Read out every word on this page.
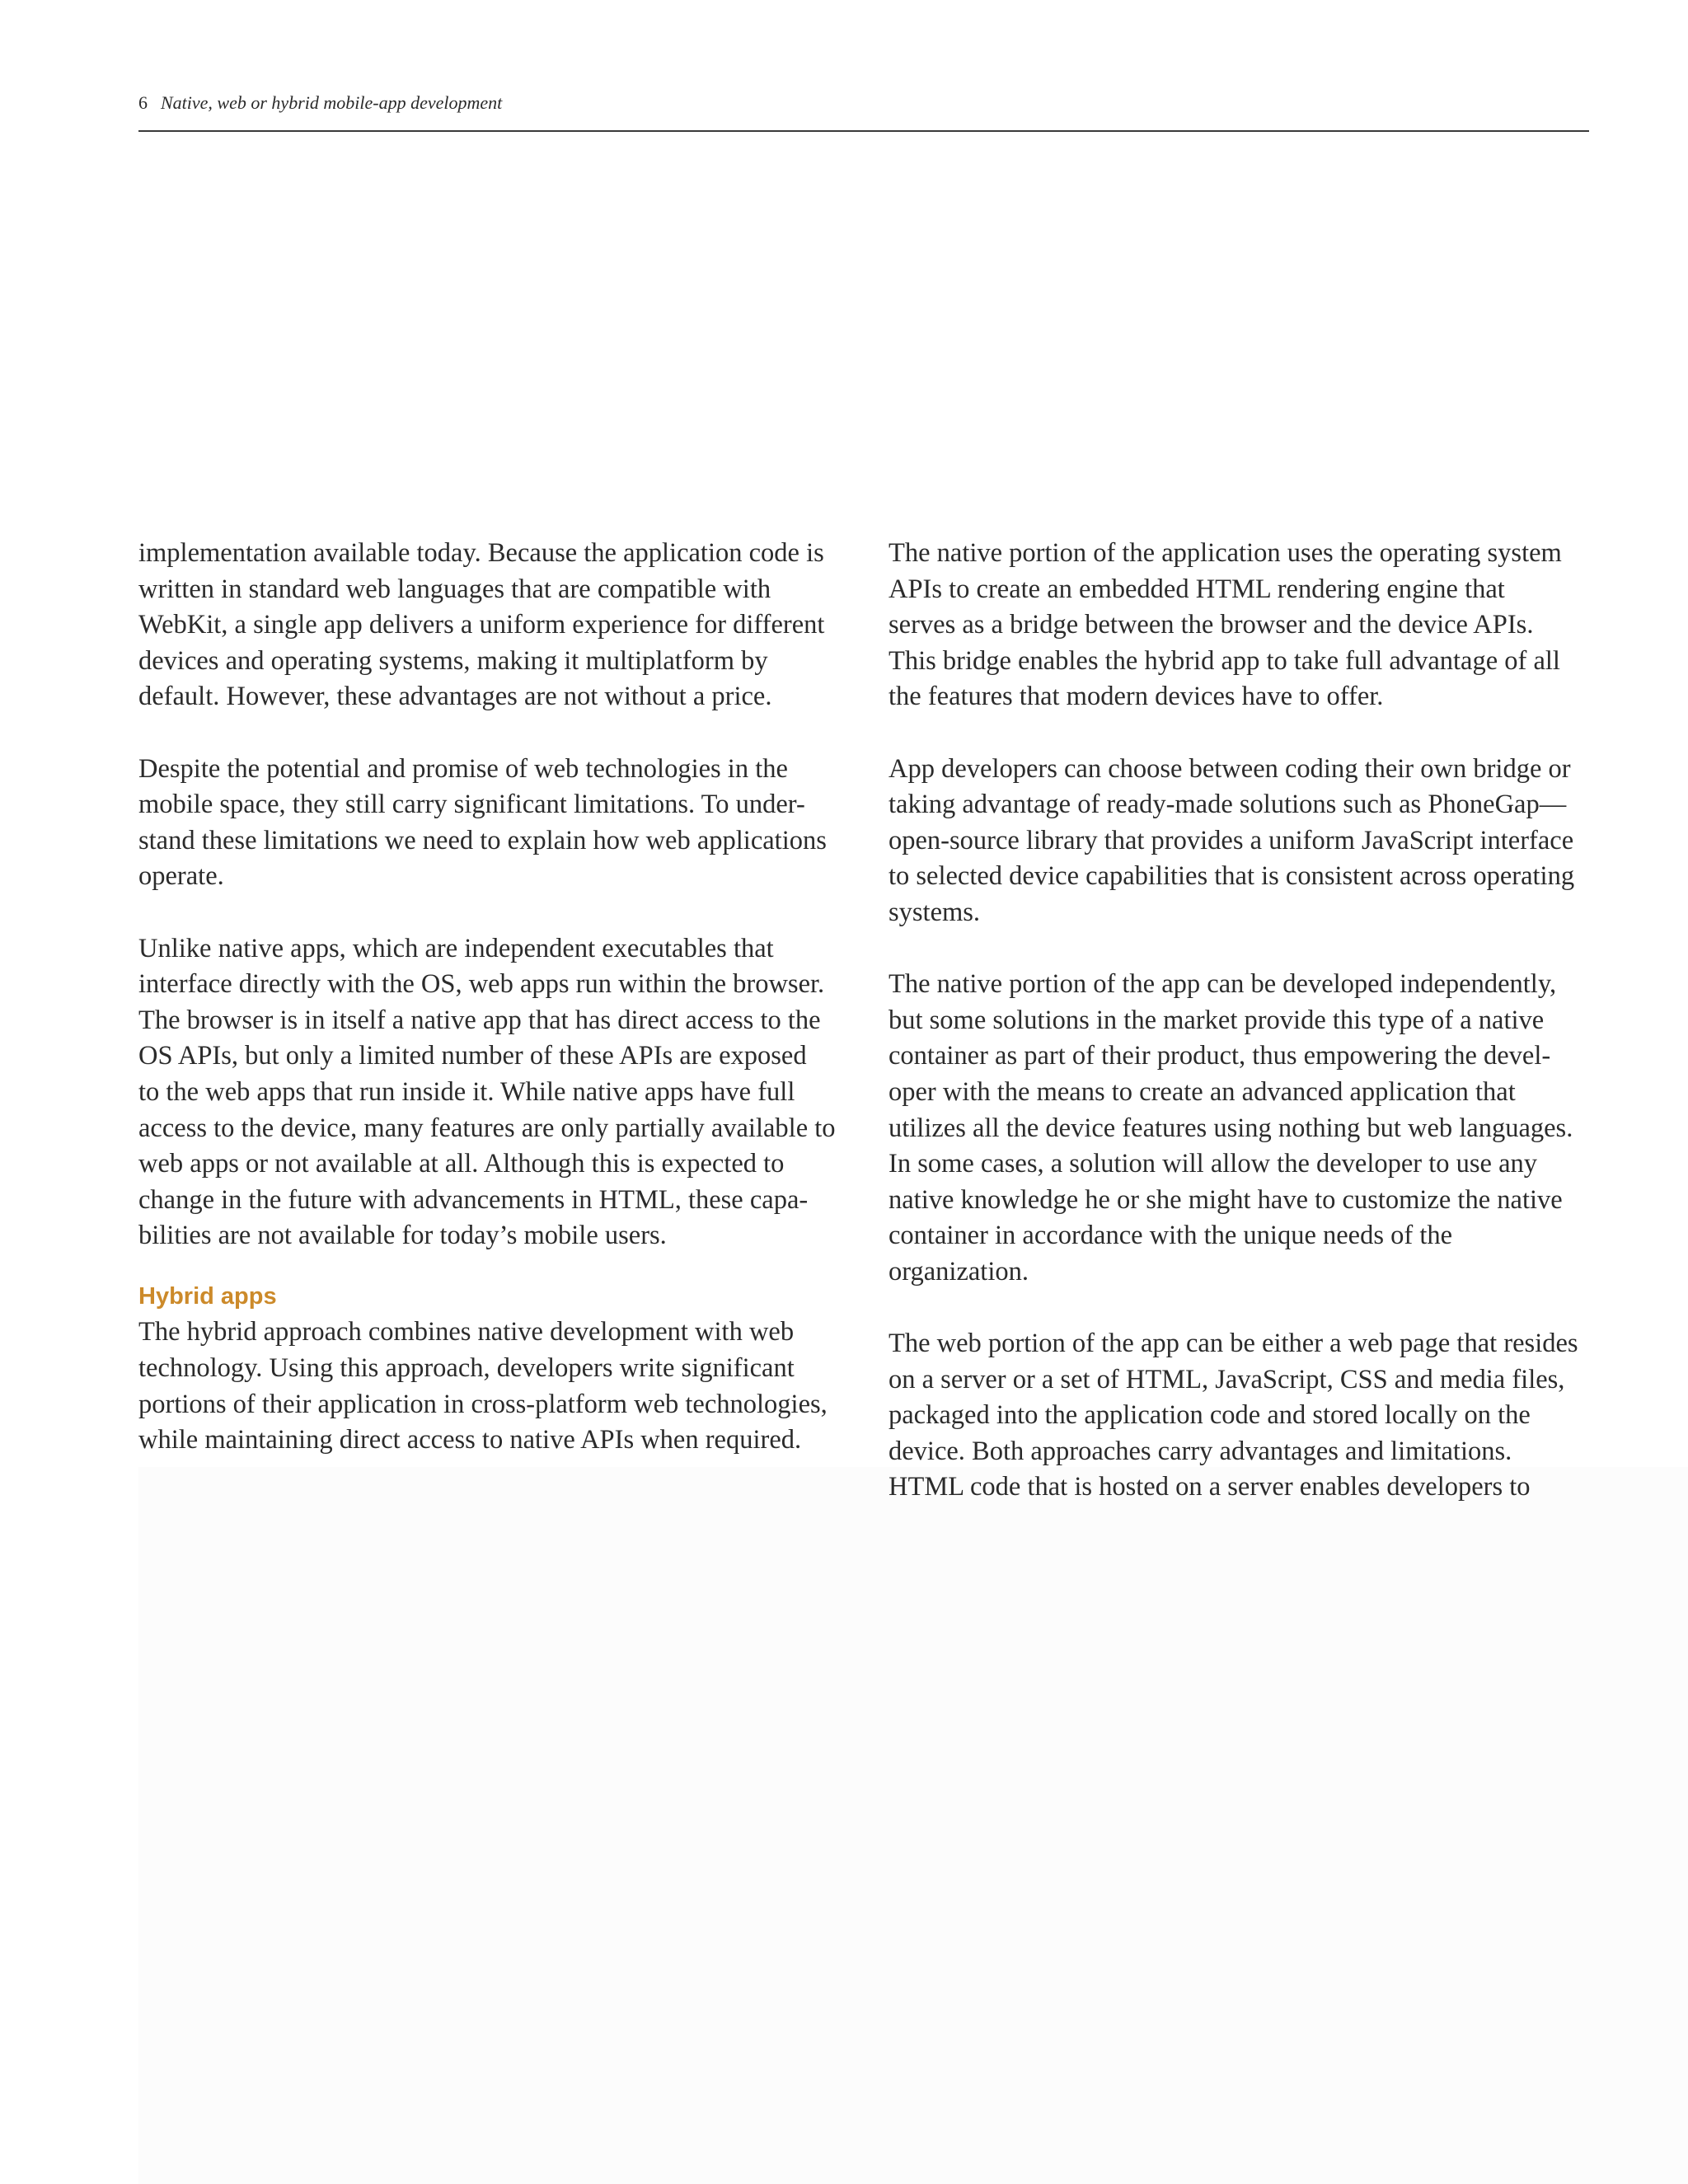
6 Native, web or hybrid mobile-app development

implementation available today. Because the application code is
written in standard web languages that are compatible with
WebKit, a single app delivers a uniform experience for different
devices and operating systems, making it multiplatform by
default. However, these advantages are not without a price.

Despite the potential and promise of web technologies in the
mobile space, they still carry significant limitations. To under-
stand these limitations we need to explain how web applications
operate.

Unlike native apps, which are independent executables that
interface directly with the OS, web apps run within the browser.
The browser is in itself a native app that has direct access to the
OS APIs, but only a limited number of these APIs are exposed
to the web apps that run inside it. While native apps have full
access to the device, many features are only partially available to
web apps or not available at all. Although this is expected to
change in the future with advancements in HTML, these capa-
bilities are not available for today’s mobile users.

Hybrid apps

The hybrid approach combines native development with web
technology. Using this approach, developers write significant
portions of their application in cross-platform web technologies,
while maintaining direct access to native APIs when required.

The native portion of the application uses the operating system
APIs to create an embedded HTML rendering engine that
serves as a bridge between the browser and the device APIs.
This bridge enables the hybrid app to take full advantage of all
the features that modern devices have to offer.

App developers can choose between coding their own bridge or
taking advantage of ready-made solutions such as PhoneGap—
open-source library that provides a uniform JavaScript interface
to selected device capabilities that is consistent across operating
systems.

The native portion of the app can be developed independently,
but some solutions in the market provide this type of a native
container as part of their product, thus empowering the devel-
oper with the means to create an advanced application that
utilizes all the device features using nothing but web languages.
In some cases, a solution will allow the developer to use any
native knowledge he or she might have to customize the native
container in accordance with the unique needs of the
organization.

The web portion of the app can be either a web page that resides
on a server or a set of HTML, JavaScript, CSS and media files,
packaged into the application code and stored locally on the
device. Both approaches carry advantages and limitations.
HTML code that is hosted on a server enables developers to
